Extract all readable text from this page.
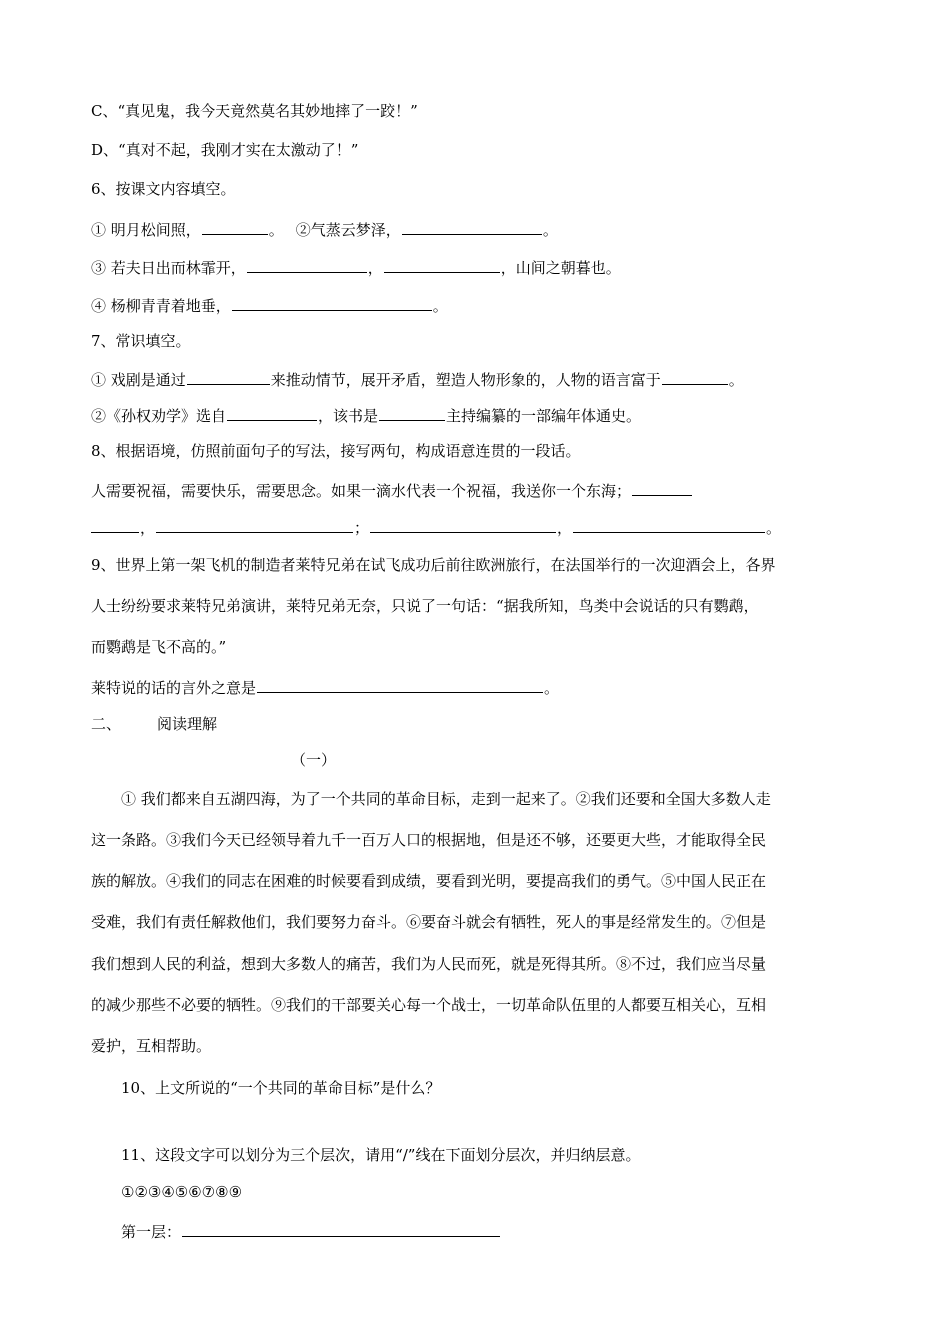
C、“真见鬼，我今天竟然莫名其妙地摔了一跤！”
D、“真对不起，我刚才实在太激动了！”
6、按课文内容填空。
① 明月松间照，	。 ②气蒸云梦泽，	。
③ 若夫日出而林霏开，	，	，山间之朝暮也。
④ 杨柳青青着地垂，	。
7、常识填空。
① 戏剧是通过	来推动情节，展开矛盾，塑造人物形象的，人物的语言富于	。
②《孙权劝学》选自	，该书是	主持编纂的一部编年体通史。
8、根据语境，仿照前面句子的写法，接写两句，构成语意连贯的一段话。
人需要祝福，需要快乐，需要思念。如果一滴水代表一个祝福，我送你一个东海；
，	；	，	。
9、世界上第一架飞机的制造者莱特兄弟在试飞成功后前往欧洲旅行，在法国举行的一次迎酒会上，各界
人士纷纷要求莱特兄弟演讲，莱特兄弟无奈，只说了一句话：“据我所知，鸟类中会说话的只有鹦鹉，
而鹦鹉是飞不高的。”
莱特说的话的言外之意是	。
二、 阅读理解
（一）
① 我们都来自五湖四海，为了一个共同的革命目标，走到一起来了。②我们还要和全国大多数人走
这一条路。③我们今天已经领导着九千一百万人口的根据地，但是还不够，还要更大些，才能取得全民
族的解放。④我们的同志在困难的时候要看到成绩，要看到光明，要提高我们的勇气。⑤中国人民正在
受难，我们有责任解救他们，我们要努力奋斗。⑥要奋斗就会有牺牲，死人的事是经常发生的。⑦但是
我们想到人民的利益，想到大多数人的痛苦，我们为人民而死，就是死得其所。⑧不过，我们应当尽量
的减少那些不必要的牺牲。⑨我们的干部要关心每一个战士，一切革命队伍里的人都要互相关心，互相
爱护，互相帮助。
10、上文所说的“一个共同的革命目标”是什么？
11、这段文字可以划分为三个层次，请用“/”线在下面划分层次，并归纳层意。
①②③④⑤⑥⑦⑧⑨
第一层：
